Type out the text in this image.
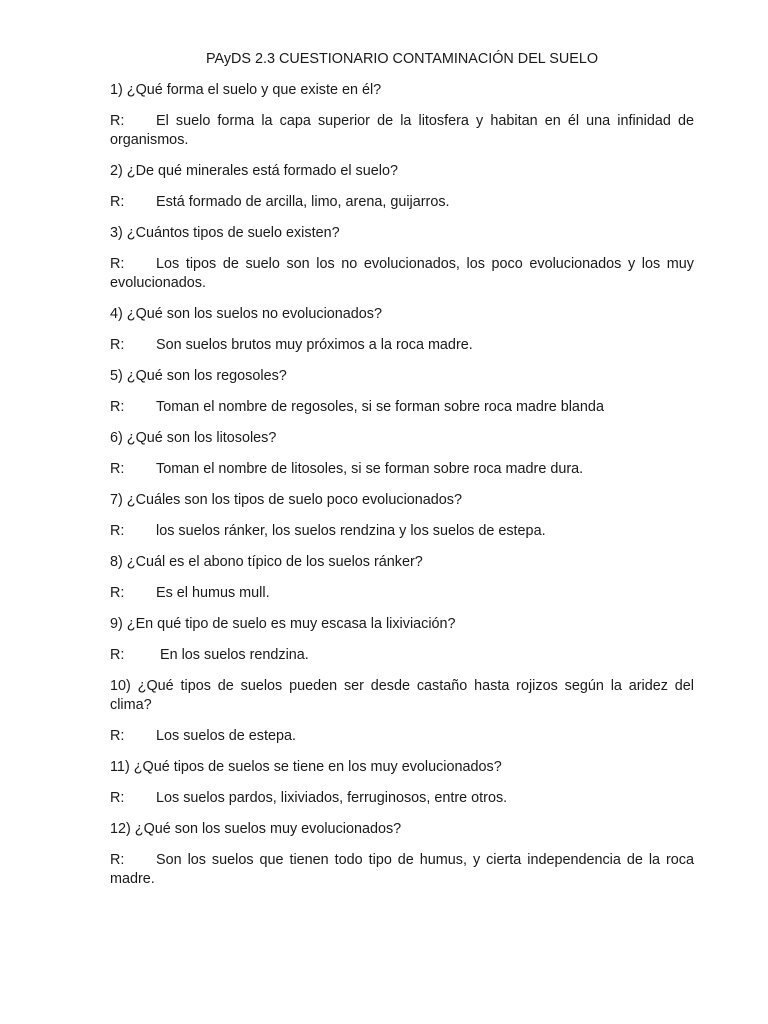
PAyDS 2.3 CUESTIONARIO CONTAMINACIÓN DEL SUELO

1) ¿Qué forma el suelo y que existe en él?

R: El suelo forma la capa superior de la litosfera y habitan en él una infinidad de organismos.

2) ¿De qué minerales está formado el suelo?

R: Está formado de arcilla, limo, arena, guijarros.

3) ¿Cuántos tipos de suelo existen?

R: Los tipos de suelo son los no evolucionados, los poco evolucionados y los muy evolucionados.

4) ¿Qué son los suelos no evolucionados?

R: Son suelos brutos muy próximos a la roca madre.

5) ¿Qué son los regosoles?

R: Toman el nombre de regosoles, si se forman sobre roca madre blanda

6) ¿Qué son los litosoles?

R: Toman el nombre de litosoles, si se forman sobre roca madre dura.

7) ¿Cuáles son los tipos de suelo poco evolucionados?

R: los suelos ránker, los suelos rendzina y los suelos de estepa.

8) ¿Cuál es el abono típico de los suelos ránker?

R: Es el humus mull.

9) ¿En qué tipo de suelo es muy escasa la lixiviación?

R: En los suelos rendzina.

10) ¿Qué tipos de suelos pueden ser desde castaño hasta rojizos según la aridez del clima?

R: Los suelos de estepa.

11) ¿Qué tipos de suelos se tiene en los muy evolucionados?

R: Los suelos pardos, lixiviados, ferruginosos, entre otros.

12) ¿Qué son los suelos muy evolucionados?

R: Son los suelos que tienen todo tipo de humus, y cierta independencia de la roca madre.
